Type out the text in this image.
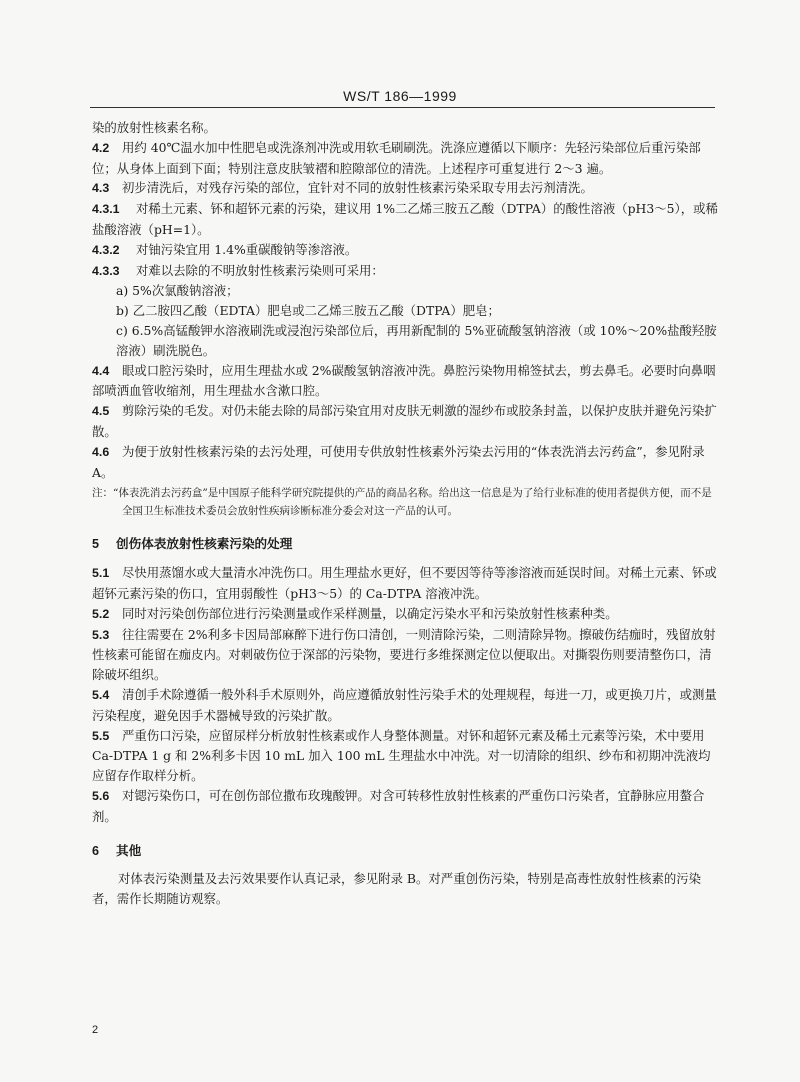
WS/T 186—1999

染的放射性核素名称。

4.2 用约 40℃温水加中性肥皂或洗涤剂冲洗或用软毛刷刷洗。洗涤应遵循以下顺序：先轻污染部位后重污染部位；从身体上面到下面；特别注意皮肤皱褶和腔隙部位的清洗。上述程序可重复进行 2～3 遍。

4.3 初步清洗后，对残存污染的部位，宜针对不同的放射性核素污染采取专用去污剂清洗。

4.3.1 对稀土元素、钚和超钚元素的污染，建议用 1%二乙烯三胺五乙酸（DTPA）的酸性溶液（pH3～5），或稀盐酸溶液（pH=1）。

4.3.2 对铀污染宜用 1.4%重碳酸钠等渗溶液。

4.3.3 对难以去除的不明放射性核素污染则可采用：

a) 5%次氯酸钠溶液；

b) 乙二胺四乙酸（EDTA）肥皂或二乙烯三胺五乙酸（DTPA）肥皂；

c) 6.5%高锰酸钾水溶液刷洗或浸泡污染部位后，再用新配制的 5%亚硫酸氢钠溶液（或 10%～20%盐酸羟胺溶液）刷洗脱色。

4.4 眼或口腔污染时，应用生理盐水或 2%碳酸氢钠溶液冲洗。鼻腔污染物用棉签拭去，剪去鼻毛。必要时向鼻咽部喷洒血管收缩剂，用生理盐水含漱口腔。

4.5 剪除污染的毛发。对仍未能去除的局部污染宜用对皮肤无刺激的湿纱布或胶条封盖，以保护皮肤并避免污染扩散。

4.6 为便于放射性核素污染的去污处理，可使用专供放射性核素外污染去污用的“体表洗消去污药盒”，参见附录 A。

注：“体表洗消去污药盒”是中国原子能科学研究院提供的产品的商品名称。给出这一信息是为了给行业标准的使用者提供方便，而不是全国卫生标准技术委员会放射性疾病诊断标准分委会对这一产品的认可。

5 创伤体表放射性核素污染的处理

5.1 尽快用蒸馏水或大量清水冲洗伤口。用生理盐水更好，但不要因等待等渗溶液而延误时间。对稀土元素、钚或超钚元素污染的伤口，宜用弱酸性（pH3～5）的 Ca-DTPA 溶液冲洗。

5.2 同时对污染创伤部位进行污染测量或作采样测量，以确定污染水平和污染放射性核素种类。

5.3 往往需要在 2%利多卡因局部麻醉下进行伤口清创，一则清除污染，二则清除异物。擦破伤结痂时，残留放射性核素可能留在痂皮内。对刺破伤位于深部的污染物，要进行多维探测定位以便取出。对撕裂伤则要清整伤口，清除破坏组织。

5.4 清创手术除遵循一般外科手术原则外，尚应遵循放射性污染手术的处理规程，每进一刀，或更换刀片，或测量污染程度，避免因手术器械导致的污染扩散。

5.5 严重伤口污染，应留尿样分析放射性核素或作人身整体测量。对钚和超钚元素及稀土元素等污染，术中要用 Ca-DTPA 1 g 和 2%利多卡因 10 mL 加入 100 mL 生理盐水中冲洗。对一切清除的组织、纱布和初期冲洗液均应留存作取样分析。

5.6 对锶污染伤口，可在创伤部位撒布玫瑰酸钾。对含可转移性放射性核素的严重伤口污染者，宜静脉应用螯合剂。

6 其他

对体表污染测量及去污效果要作认真记录，参见附录 B。对严重创伤污染，特别是高毒性放射性核素的污染者，需作长期随访观察。

2
